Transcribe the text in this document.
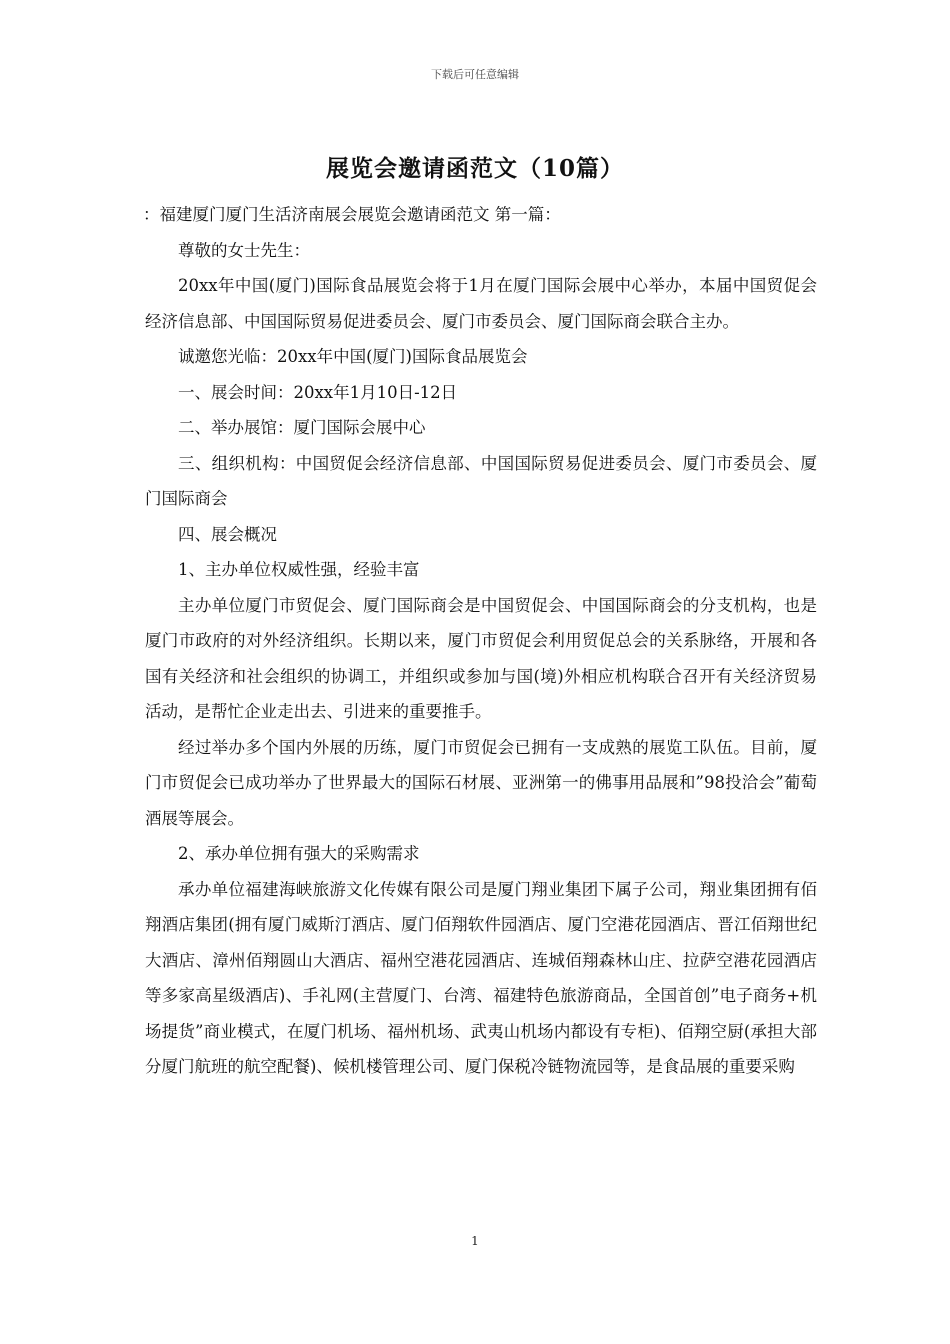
下载后可任意编辑
展览会邀请函范文（10篇）

：福建厦门厦门生活济南展会展览会邀请函范文 第一篇：

尊敬的女士先生：

20xx年中国(厦门)国际食品展览会将于1月在厦门国际会展中心举办，本届中国贸促会经济信息部、中国国际贸易促进委员会、厦门市委员会、厦门国际商会联合主办。

诚邀您光临：20xx年中国(厦门)国际食品展览会

一、展会时间：20xx年1月10日-12日

二、举办展馆：厦门国际会展中心

三、组织机构：中国贸促会经济信息部、中国国际贸易促进委员会、厦门市委员会、厦门国际商会

四、展会概况

1、主办单位权威性强，经验丰富

主办单位厦门市贸促会、厦门国际商会是中国贸促会、中国国际商会的分支机构，也是厦门市政府的对外经济组织。长期以来，厦门市贸促会利用贸促总会的关系脉络，开展和各国有关经济和社会组织的协调工，并组织或参加与国(境)外相应机构联合召开有关经济贸易活动，是帮忙企业走出去、引进来的重要推手。

经过举办多个国内外展的历练，厦门市贸促会已拥有一支成熟的展览工队伍。目前，厦门市贸促会已成功举办了世界最大的国际石材展、亚洲第一的佛事用品展和”98投洽会”葡萄酒展等展会。

2、承办单位拥有强大的采购需求

承办单位福建海峡旅游文化传媒有限公司是厦门翔业集团下属子公司，翔业集团拥有佰翔酒店集团(拥有厦门威斯汀酒店、厦门佰翔软件园酒店、厦门空港花园酒店、晋江佰翔世纪大酒店、漳州佰翔圆山大酒店、福州空港花园酒店、连城佰翔森林山庄、拉萨空港花园酒店等多家高星级酒店)、手礼网(主营厦门、台湾、福建特色旅游商品，全国首创”电子商务+机场提货”商业模式，在厦门机场、福州机场、武夷山机场内都设有专柜)、佰翔空厨(承担大部分厦门航班的航空配餐)、候机楼管理公司、厦门保税冷链物流园等，是食品展的重要采购

1
